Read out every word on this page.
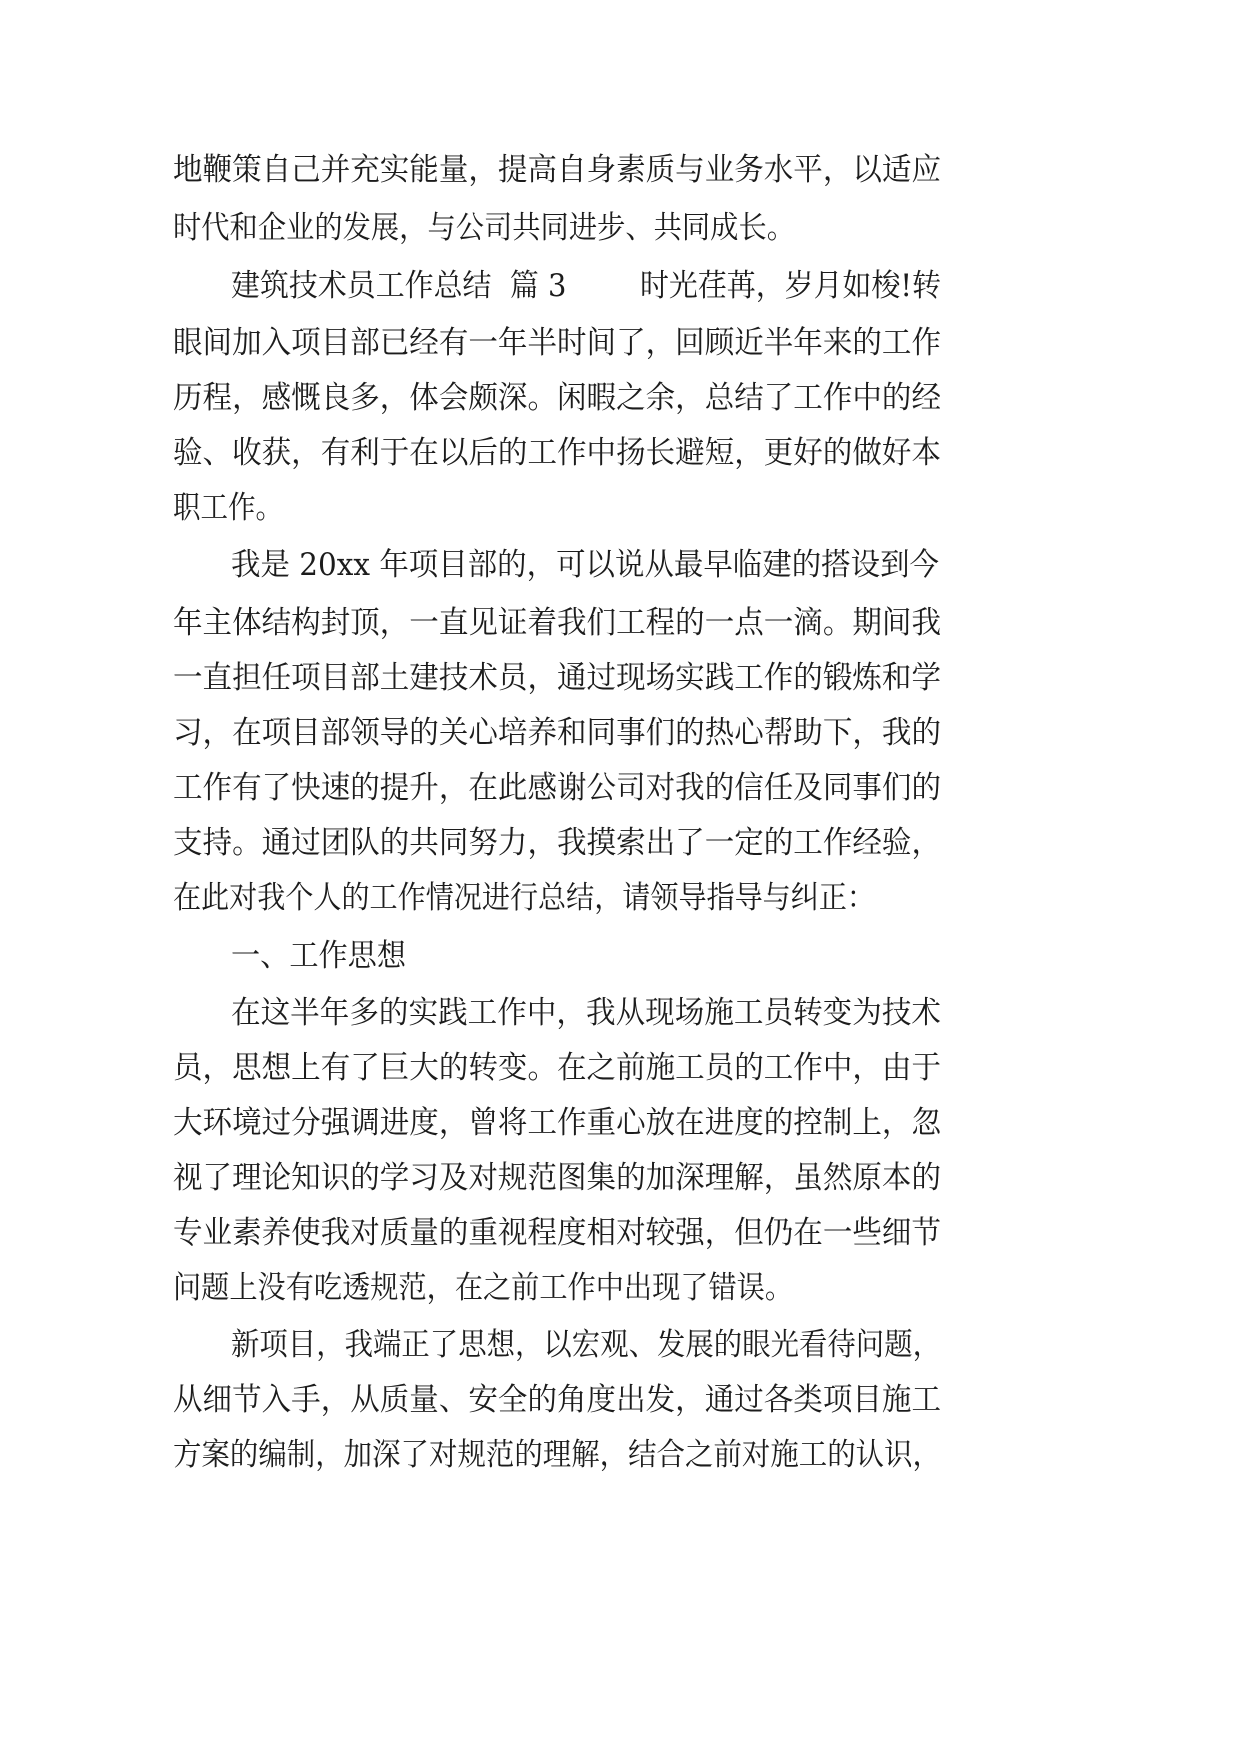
地鞭策自己并充实能量，提高自身素质与业务水平，以适应
时代和企业的发展，与公司共同进步、共同成长。
建筑技术员工作总结  篇 3        时光荏苒，岁月如梭!转
眼间加入项目部已经有一年半时间了，回顾近半年来的工作
历程，感慨良多，体会颇深。闲暇之余，总结了工作中的经
验、收获，有利于在以后的工作中扬长避短，更好的做好本
职工作。
我是 20xx 年项目部的，可以说从最早临建的搭设到今
年主体结构封顶，一直见证着我们工程的一点一滴。期间我
一直担任项目部土建技术员，通过现场实践工作的锻炼和学
习，在项目部领导的关心培养和同事们的热心帮助下，我的
工作有了快速的提升，在此感谢公司对我的信任及同事们的
支持。通过团队的共同努力，我摸索出了一定的工作经验，
在此对我个人的工作情况进行总结，请领导指导与纠正：
一、工作思想
在这半年多的实践工作中，我从现场施工员转变为技术
员，思想上有了巨大的转变。在之前施工员的工作中，由于
大环境过分强调进度，曾将工作重心放在进度的控制上，忽
视了理论知识的学习及对规范图集的加深理解，虽然原本的
专业素养使我对质量的重视程度相对较强，但仍在一些细节
问题上没有吃透规范，在之前工作中出现了错误。
新项目，我端正了思想，以宏观、发展的眼光看待问题，
从细节入手，从质量、安全的角度出发，通过各类项目施工
方案的编制，加深了对规范的理解，结合之前对施工的认识，
